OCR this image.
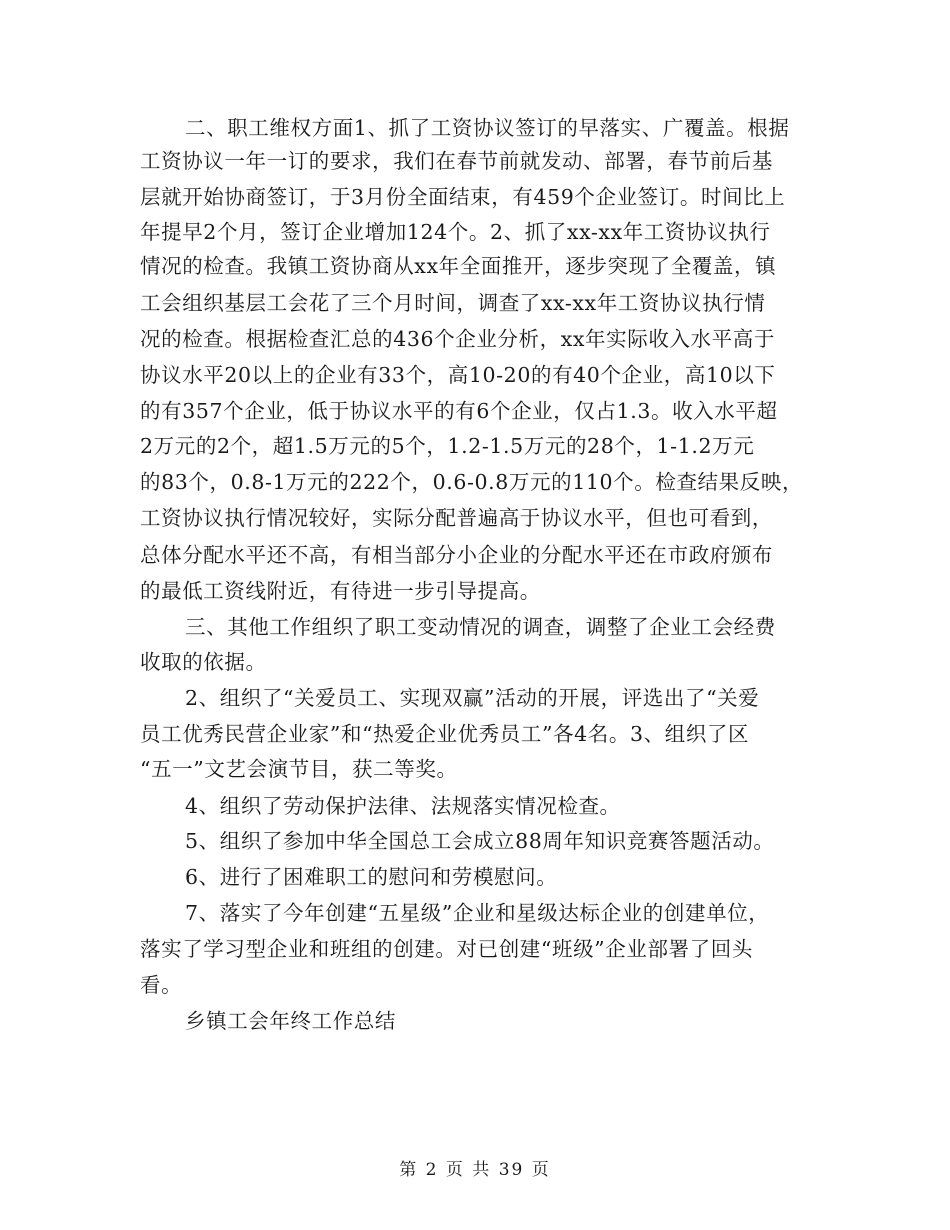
二、职工维权方面1、抓了工资协议签订的早落实、广覆盖。根据
工资协议一年一订的要求，我们在春节前就发动、部署，春节前后基
层就开始协商签订，于3月份全面结束，有459个企业签订。时间比上
年提早2个月，签订企业增加124个。2、抓了xx-xx年工资协议执行
情况的检查。我镇工资协商从xx年全面推开，逐步突现了全覆盖，镇
工会组织基层工会花了三个月时间，调查了xx-xx年工资协议执行情
况的检查。根据检查汇总的436个企业分析，xx年实际收入水平高于
协议水平20以上的企业有33个，高10-20的有40个企业，高10以下
的有357个企业，低于协议水平的有6个企业，仅占1.3。收入水平超
2万元的2个，超1.5万元的5个，1.2-1.5万元的28个，1-1.2万元
的83个，0.8-1万元的222个，0.6-0.8万元的110个。检查结果反映，
工资协议执行情况较好，实际分配普遍高于协议水平，但也可看到，
总体分配水平还不高，有相当部分小企业的分配水平还在市政府颁布
的最低工资线附近，有待进一步引导提高。
三、其他工作组织了职工变动情况的调查，调整了企业工会经费
收取的依据。
2、组织了“关爱员工、实现双赢”活动的开展，评选出了“关爱
员工优秀民营企业家”和“热爱企业优秀员工”各4名。3、组织了区
“五一”文艺会演节目，获二等奖。
4、组织了劳动保护法律、法规落实情况检查。
5、组织了参加中华全国总工会成立88周年知识竞赛答题活动。
6、进行了困难职工的慰问和劳模慰问。
7、落实了今年创建“五星级”企业和星级达标企业的创建单位，
落实了学习型企业和班组的创建。对已创建“班级”企业部署了回头
看。
乡镇工会年终工作总结
第 2 页 共 39 页
